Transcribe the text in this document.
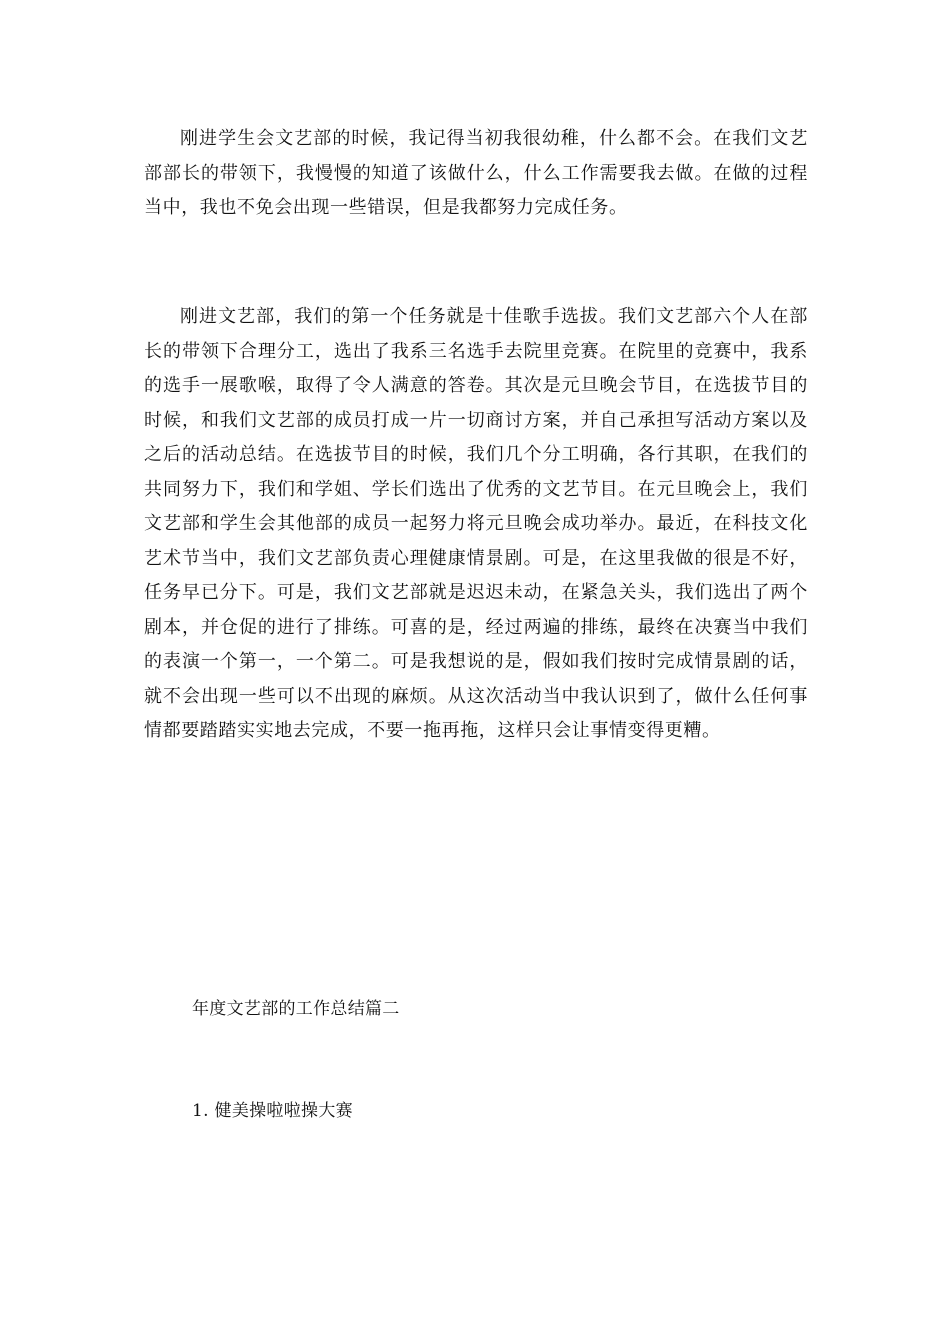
刚进学生会文艺部的时候，我记得当初我很幼稚，什么都不会。在我们文艺部部长的带领下，我慢慢的知道了该做什么，什么工作需要我去做。在做的过程当中，我也不免会出现一些错误，但是我都努力完成任务。

刚进文艺部，我们的第一个任务就是十佳歌手选拔。我们文艺部六个人在部长的带领下合理分工，选出了我系三名选手去院里竞赛。在院里的竞赛中，我系的选手一展歌喉，取得了令人满意的答卷。其次是元旦晚会节目，在选拔节目的时候，和我们文艺部的成员打成一片一切商讨方案，并自己承担写活动方案以及之后的活动总结。在选拔节目的时候，我们几个分工明确，各行其职，在我们的共同努力下，我们和学姐、学长们选出了优秀的文艺节目。在元旦晚会上，我们文艺部和学生会其他部的成员一起努力将元旦晚会成功举办。最近，在科技文化艺术节当中，我们文艺部负责心理健康情景剧。可是，在这里我做的很是不好，任务早已分下。可是，我们文艺部就是迟迟未动，在紧急关头，我们选出了两个剧本，并仓促的进行了排练。可喜的是，经过两遍的排练，最终在决赛当中我们的表演一个第一，一个第二。可是我想说的是，假如我们按时完成情景剧的话，就不会出现一些可以不出现的麻烦。从这次活动当中我认识到了，做什么任何事情都要踏踏实实地去完成，不要一拖再拖，这样只会让事情变得更糟。

年度文艺部的工作总结篇二

1. 健美操啦啦操大赛
